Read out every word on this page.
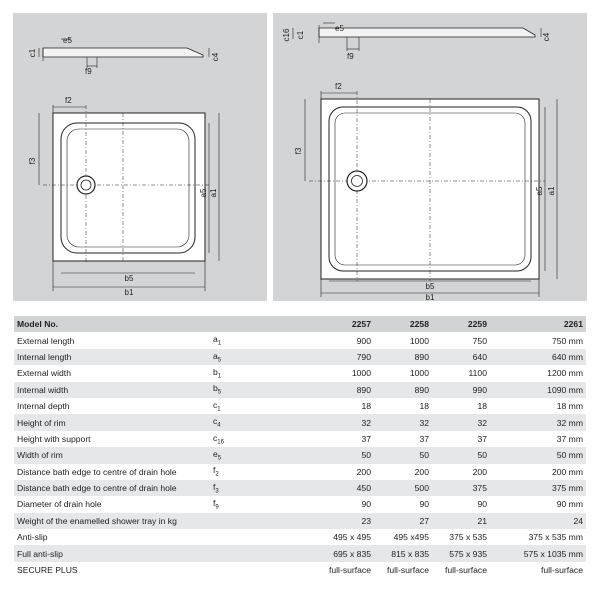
c1
e5
f9
c4
f2
f3
a5 a1
b5
b1
c16 c1
e5
f9
c4
f2
f3
a5 a1
b5
b1
Model No.		2257	2258	2259	2261
External length	$a_1$	900	1000	750	750 mm
Internal length	$a_5$	790	890	640	640 mm
External width	$b_1$	1000	1000	1100	1200 mm
Internal width	$b_5$	890	890	990	1090 mm
Internal depth	$c_1$	18	18	18	18 mm
Height of rim	$c_4$	32	32	32	32 mm
Height with support	$c_{16}$	37	37	37	37 mm
Width of rim	$e_5$	50	50	50	50 mm
Distance bath edge to centre of drain hole	$f_2$	200	200	200	200 mm
Distance bath edge to centre of drain hole	$f_3$	450	500	375	375 mm
Diameter of drain hole	$f_9$	90	90	90	90 mm
Weight of the enamelled shower tray in kg		23	27	21	24
Anti-slip		495 x 495	495 x495	375 x 535	375 x 535 mm
Full anti-slip		695 x 835	815 x 835	575 x 935	575 x 1035 mm
SECURE PLUS		full-surface	full-surface	full-surface	full-surface
